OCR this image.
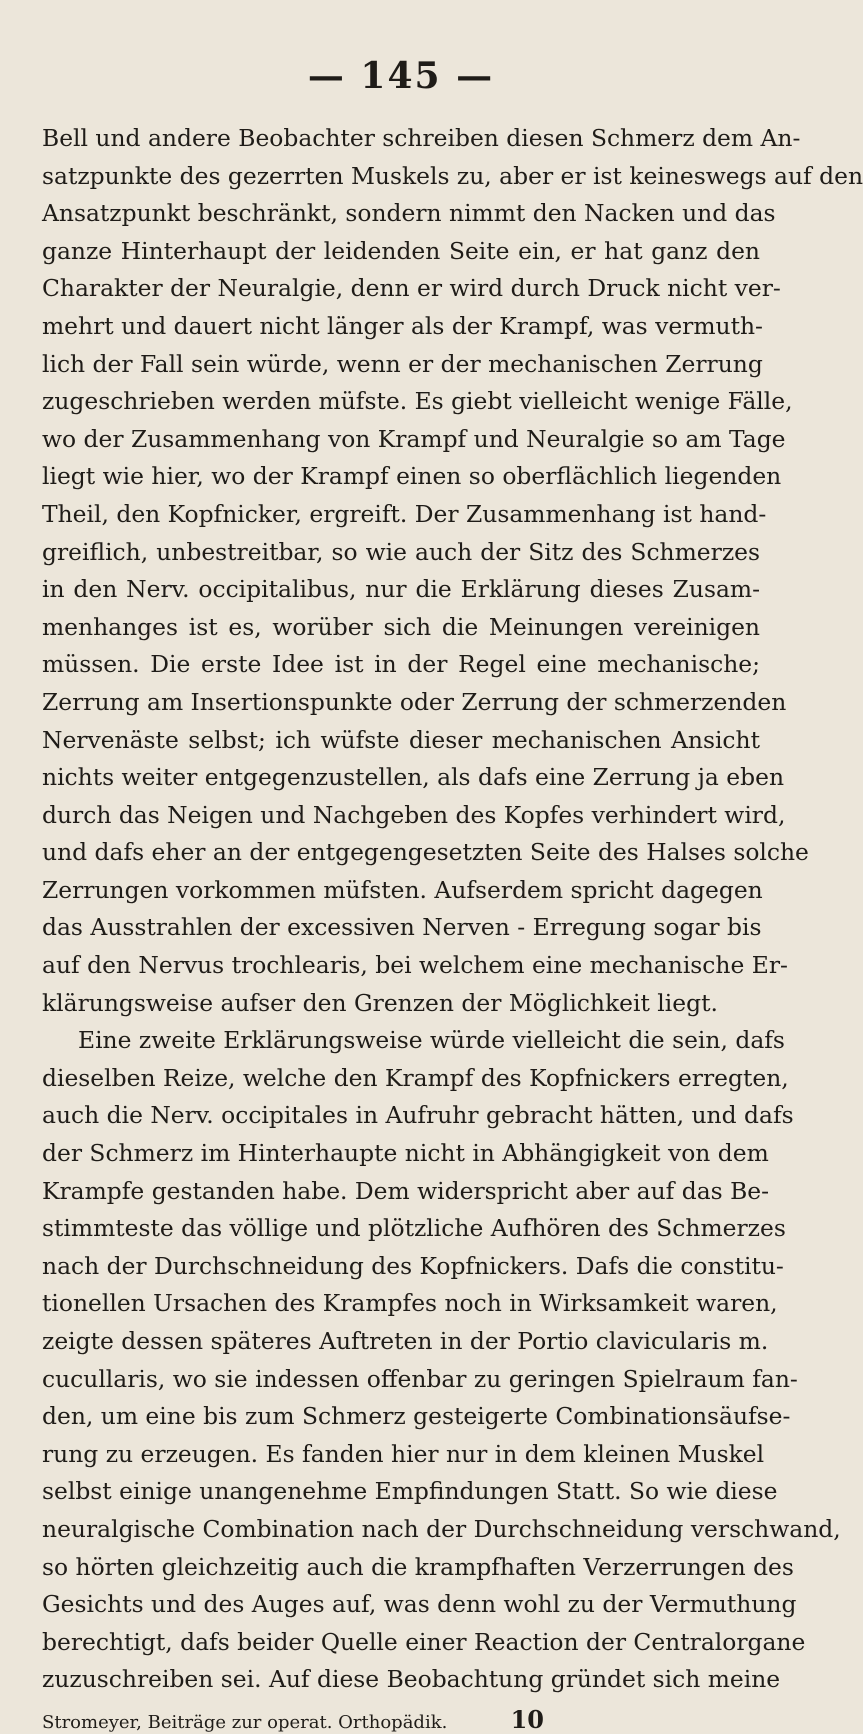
— 145 —
Bell und andere Beobachter schreiben diesen Schmerz dem An-
satzpunkte des gezerrten Muskels zu, aber er ist keineswegs auf den
Ansatzpunkt beschränkt, sondern nimmt den Nacken und das
ganze Hinterhaupt der leidenden Seite ein, er hat ganz den
Charakter der Neuralgie, denn er wird durch Druck nicht ver-
mehrt und dauert nicht länger als der Krampf, was vermuth-
lich der Fall sein würde, wenn er der mechanischen Zerrung
zugeschrieben werden müfste. Es giebt vielleicht wenige Fälle,
wo der Zusammenhang von Krampf und Neuralgie so am Tage
liegt wie hier, wo der Krampf einen so oberflächlich liegenden
Theil, den Kopfnicker, ergreift. Der Zusammenhang ist hand-
greiflich, unbestreitbar, so wie auch der Sitz des Schmerzes
in den Nerv. occipitalibus, nur die Erklärung dieses Zusam-
menhanges ist es, worüber sich die Meinungen vereinigen
müssen. Die erste Idee ist in der Regel eine mechanische;
Zerrung am Insertionspunkte oder Zerrung der schmerzenden
Nervenäste selbst; ich wüfste dieser mechanischen Ansicht
nichts weiter entgegenzustellen, als dafs eine Zerrung ja eben
durch das Neigen und Nachgeben des Kopfes verhindert wird,
und dafs eher an der entgegengesetzten Seite des Halses solche
Zerrungen vorkommen müfsten. Aufserdem spricht dagegen
das Ausstrahlen der excessiven Nerven - Erregung sogar bis
auf den Nervus trochlearis, bei welchem eine mechanische Er-
klärungsweise aufser den Grenzen der Möglichkeit liegt.
Eine zweite Erklärungsweise würde vielleicht die sein, dafs
dieselben Reize, welche den Krampf des Kopfnickers erregten,
auch die Nerv. occipitales in Aufruhr gebracht hätten, und dafs
der Schmerz im Hinterhaupte nicht in Abhängigkeit von dem
Krampfe gestanden habe. Dem widerspricht aber auf das Be-
stimmteste das völlige und plötzliche Aufhören des Schmerzes
nach der Durchschneidung des Kopfnickers. Dafs die constitu-
tionellen Ursachen des Krampfes noch in Wirksamkeit waren,
zeigte dessen späteres Auftreten in der Portio clavicularis m.
cucullaris, wo sie indessen offenbar zu geringen Spielraum fan-
den, um eine bis zum Schmerz gesteigerte Combinationsäufse-
rung zu erzeugen. Es fanden hier nur in dem kleinen Muskel
selbst einige unangenehme Empfindungen Statt. So wie diese
neuralgische Combination nach der Durchschneidung verschwand,
so hörten gleichzeitig auch die krampfhaften Verzerrungen des
Gesichts und des Auges auf, was denn wohl zu der Vermuthung
berechtigt, dafs beider Quelle einer Reaction der Centralorgane
zuzuschreiben sei. Auf diese Beobachtung gründet sich meine
Stromeyer, Beiträge zur operat. Orthopädik.	10
